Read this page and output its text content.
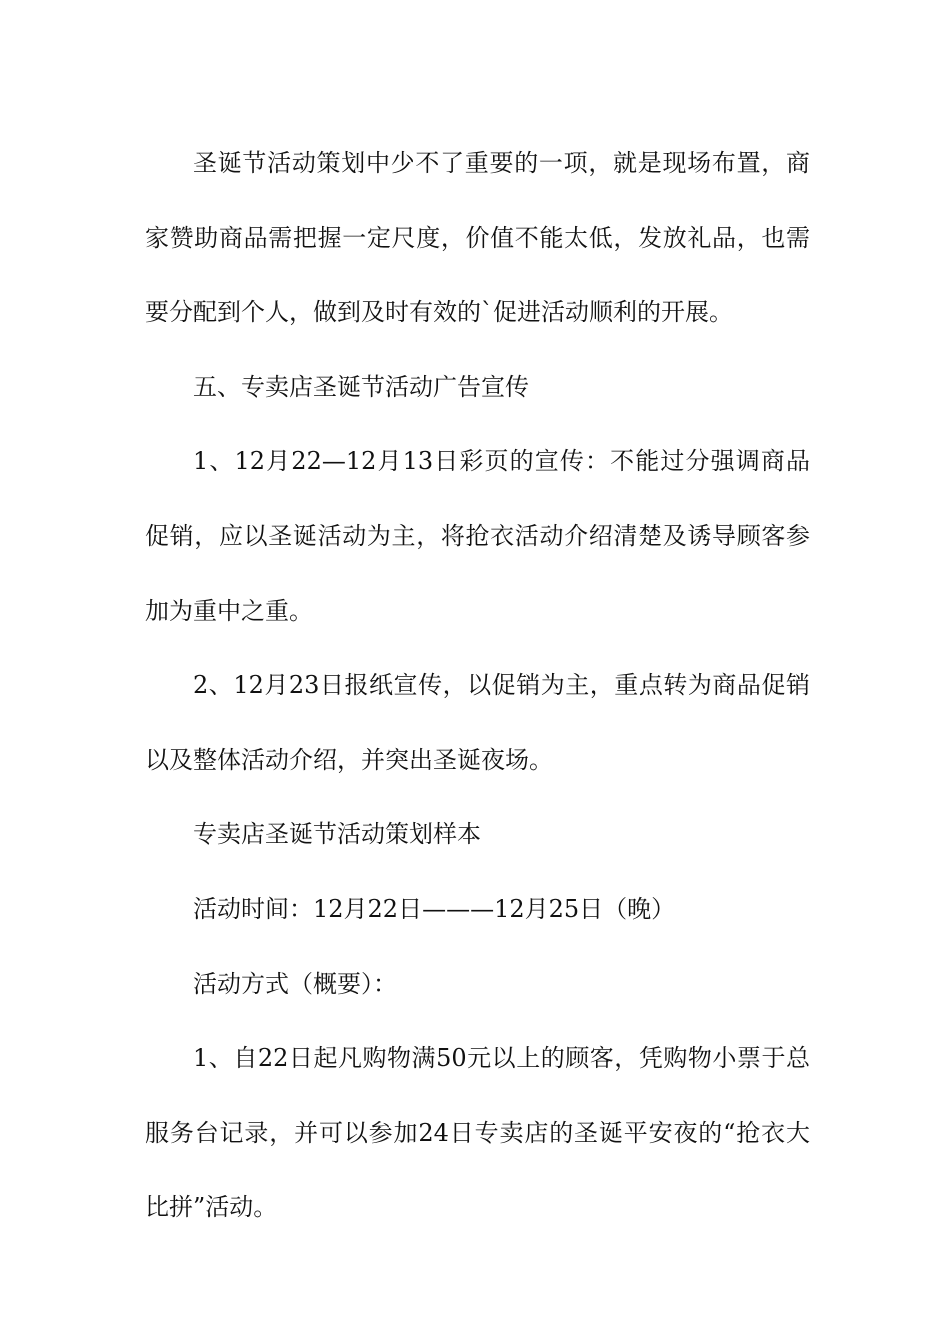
圣诞节活动策划中少不了重要的一项，就是现场布置，商家赞助商品需把握一定尺度，价值不能太低，发放礼品，也需要分配到个人，做到及时有效的`促进活动顺利的开展。

五、专卖店圣诞节活动广告宣传

1、12月22—12月13日彩页的宣传：不能过分强调商品促销，应以圣诞活动为主，将抢衣活动介绍清楚及诱导顾客参加为重中之重。

2、12月23日报纸宣传，以促销为主，重点转为商品促销以及整体活动介绍，并突出圣诞夜场。

专卖店圣诞节活动策划样本

活动时间：12月22日———12月25日（晚）

活动方式（概要）：

1、自22日起凡购物满50元以上的顾客，凭购物小票于总服务台记录，并可以参加24日专卖店的圣诞平安夜的“抢衣大比拼”活动。
